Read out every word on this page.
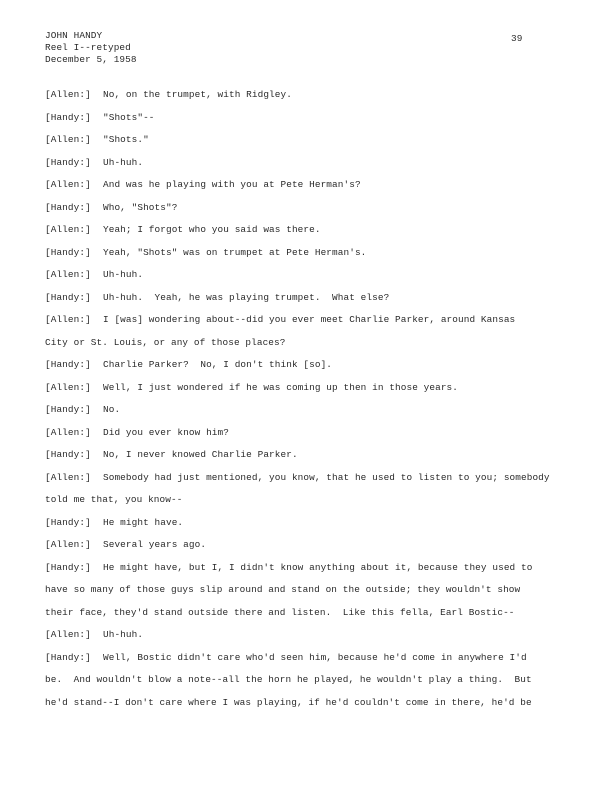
JOHN HANDY
Reel I--retyped
December 5, 1958
39
[Allen:] No, on the trumpet, with Ridgley.
[Handy:] "Shots"--
[Allen:] "Shots."
[Handy:] Uh-huh.
[Allen:] And was he playing with you at Pete Herman's?
[Handy:] Who, "Shots"?
[Allen:] Yeah; I forgot who you said was there.
[Handy:] Yeah, "Shots" was on trumpet at Pete Herman's.
[Allen:] Uh-huh.
[Handy:] Uh-huh.  Yeah, he was playing trumpet.  What else?
[Allen:] I [was] wondering about--did you ever meet Charlie Parker, around Kansas
City or St. Louis, or any of those places?
[Handy:] Charlie Parker?  No, I don't think [so].
[Allen:] Well, I just wondered if he was coming up then in those years.
[Handy:] No.
[Allen:] Did you ever know him?
[Handy:] No, I never knowed Charlie Parker.
[Allen:] Somebody had just mentioned, you know, that he used to listen to you; somebody
told me that, you know--
[Handy:] He might have.
[Allen:] Several years ago.
[Handy:] He might have, but I, I didn't know anything about it, because they used to
have so many of those guys slip around and stand on the outside; they wouldn't show
their face, they'd stand outside there and listen.  Like this fella, Earl Bostic--
[Allen:] Uh-huh.
[Handy:] Well, Bostic didn't care who'd seen him, because he'd come in anywhere I'd
be.  And wouldn't blow a note--all the horn he played, he wouldn't play a thing.  But
he'd stand--I don't care where I was playing, if he'd couldn't come in there, he'd be
